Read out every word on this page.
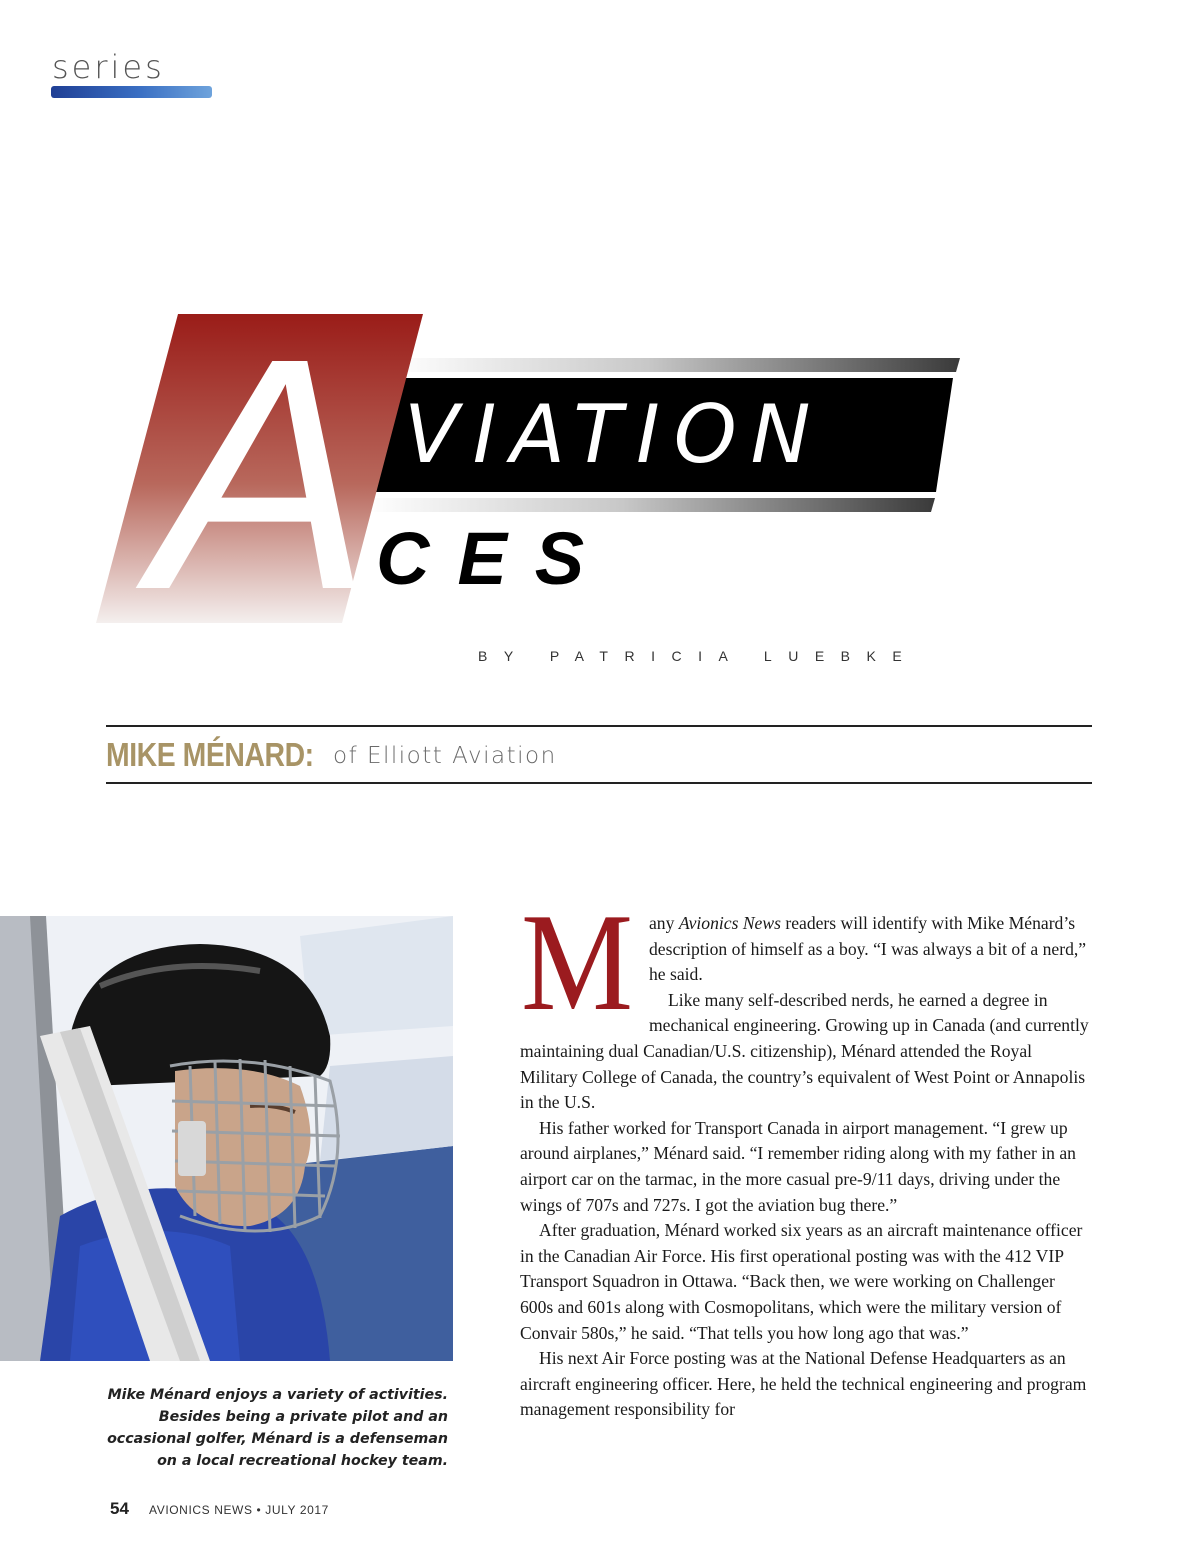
series
A VIATION
CES
BY PATRICIA LUEBKE
MIKE MÉNARD: of Elliott Aviation
Mike Ménard enjoys a variety of activities. Besides being a private pilot and an occasional golfer, Ménard is a defenseman on a local recreational hockey team.

Many Avionics News readers will identify with Mike Ménard’s description of himself as a boy. “I was always a bit of a nerd,” he said.

Like many self-described nerds, he earned a degree in mechanical engineering. Growing up in Canada (and currently maintaining dual Canadian/U.S. citizenship), Ménard attended the Royal Military College of Canada, the country’s equivalent of West Point or Annapolis in the U.S.

His father worked for Transport Canada in airport management. “I grew up around airplanes,” Ménard said. “I remember riding along with my father in an airport car on the tarmac, in the more casual pre-9/11 days, driving under the wings of 707s and 727s. I got the aviation bug there.”

After graduation, Ménard worked six years as an aircraft maintenance officer in the Canadian Air Force. His first operational posting was with the 412 VIP Transport Squadron in Ottawa. “Back then, we were working on Challenger 600s and 601s along with Cosmopolitans, which were the military version of Convair 580s,” he said. “That tells you how long ago that was.”

His next Air Force posting was at the National Defense Headquarters as an aircraft engineering officer. Here, he held the technical engineering and program management responsibility for

54 AVIONICS NEWS • JULY 2017
